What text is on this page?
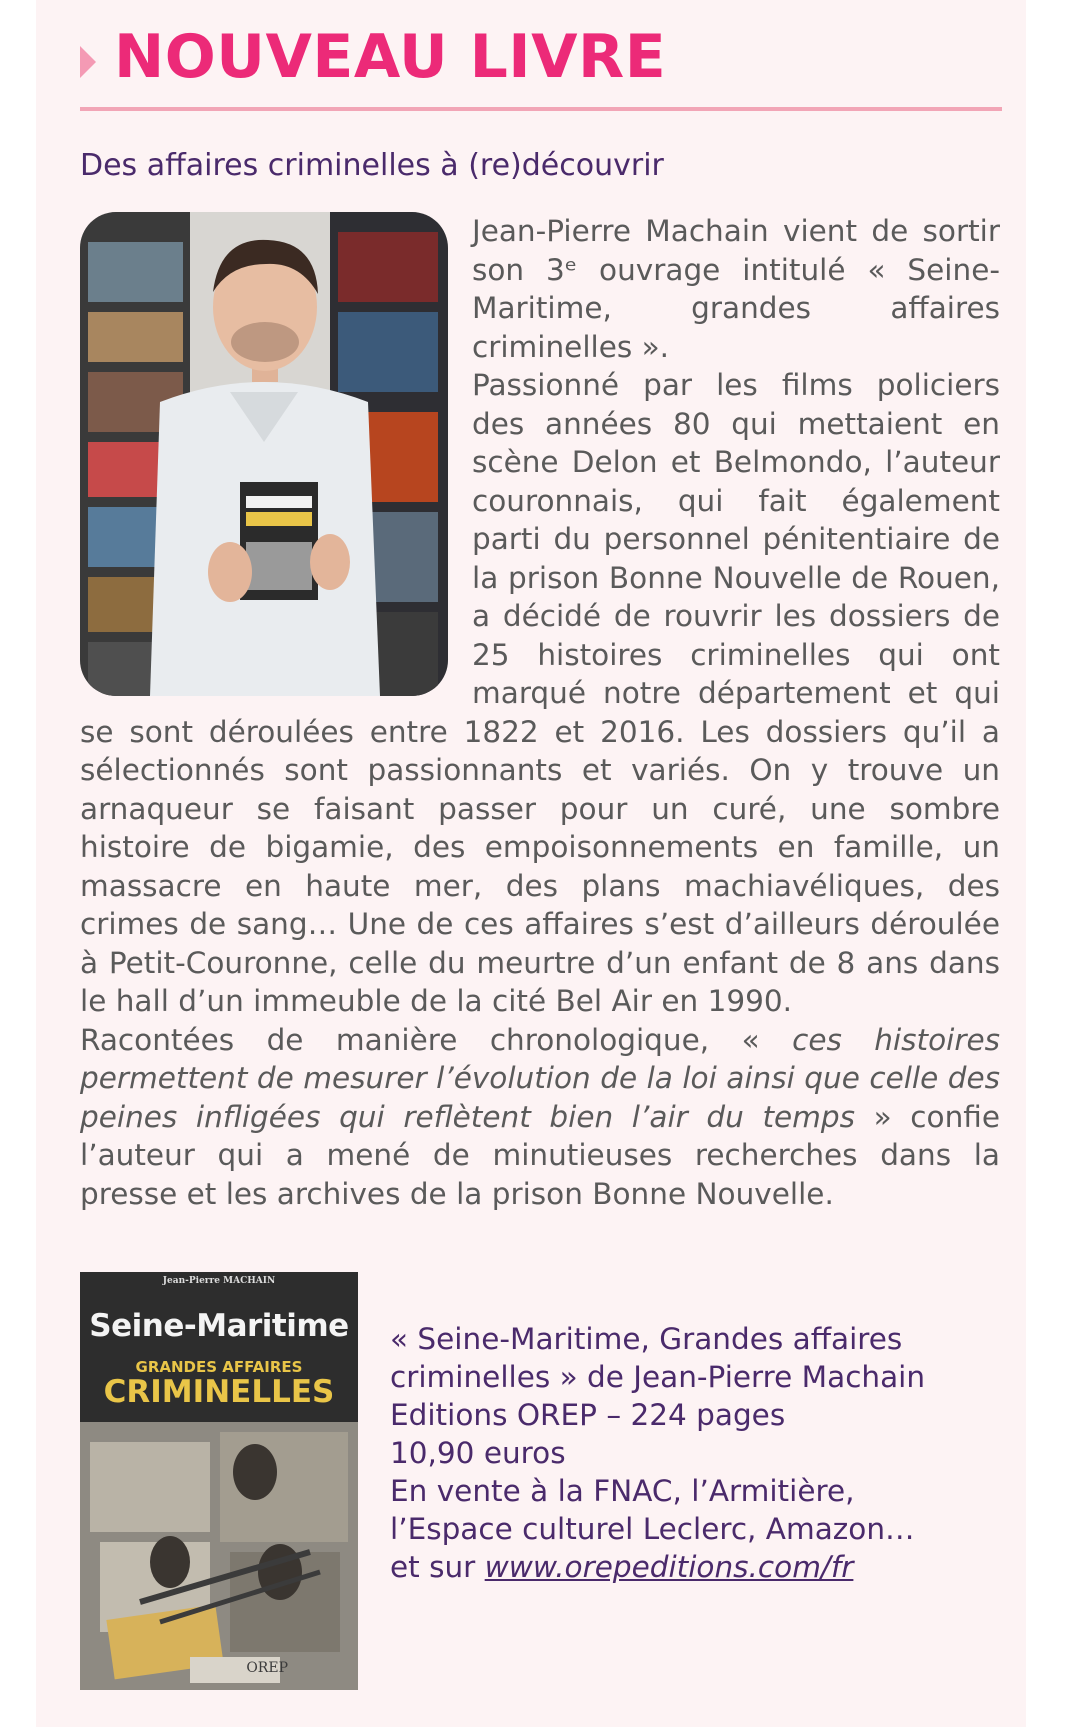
NOUVEAU LIVRE
Des affaires criminelles à (re)découvrir

Jean-Pierre Machain vient de sortir son 3ᵉ ouvrage intitulé « Seine-Maritime, grandes affaires criminelles ».

Passionné par les films policiers des années 80 qui mettaient en scène Delon et Belmondo, l’auteur couronnais, qui fait également parti du personnel pénitentiaire de la prison Bonne Nouvelle de Rouen, a décidé de rouvrir les dossiers de 25 histoires criminelles qui ont marqué notre département et qui se sont déroulées entre 1822 et 2016. Les dossiers qu’il a sélectionnés sont passionnants et variés. On y trouve un arnaqueur se faisant passer pour un curé, une sombre histoire de bigamie, des empoisonnements en famille, un massacre en haute mer, des plans machiavéliques, des crimes de sang… Une de ces affaires s’est d’ailleurs déroulée à Petit-Couronne, celle du meurtre d’un enfant de 8 ans dans le hall d’un immeuble de la cité Bel Air en 1990.

Racontées de manière chronologique, « ces histoires permettent de mesurer l’évolution de la loi ainsi que celle des peines infligées qui reflètent bien l’air du temps » confie l’auteur qui a mené de minutieuses recherches dans la presse et les archives de la prison Bonne Nouvelle.

Jean-Pierre MACHAIN
Seine-Maritime
GRANDES AFFAIRES
CRIMINELLES
OREP
« Seine-Maritime, Grandes affaires
criminelles » de Jean-Pierre Machain
Editions OREP – 224 pages
10,90 euros
En vente à la FNAC, l’Armitière,
l’Espace culturel Leclerc, Amazon…
et sur www.orepeditions.com/fr
